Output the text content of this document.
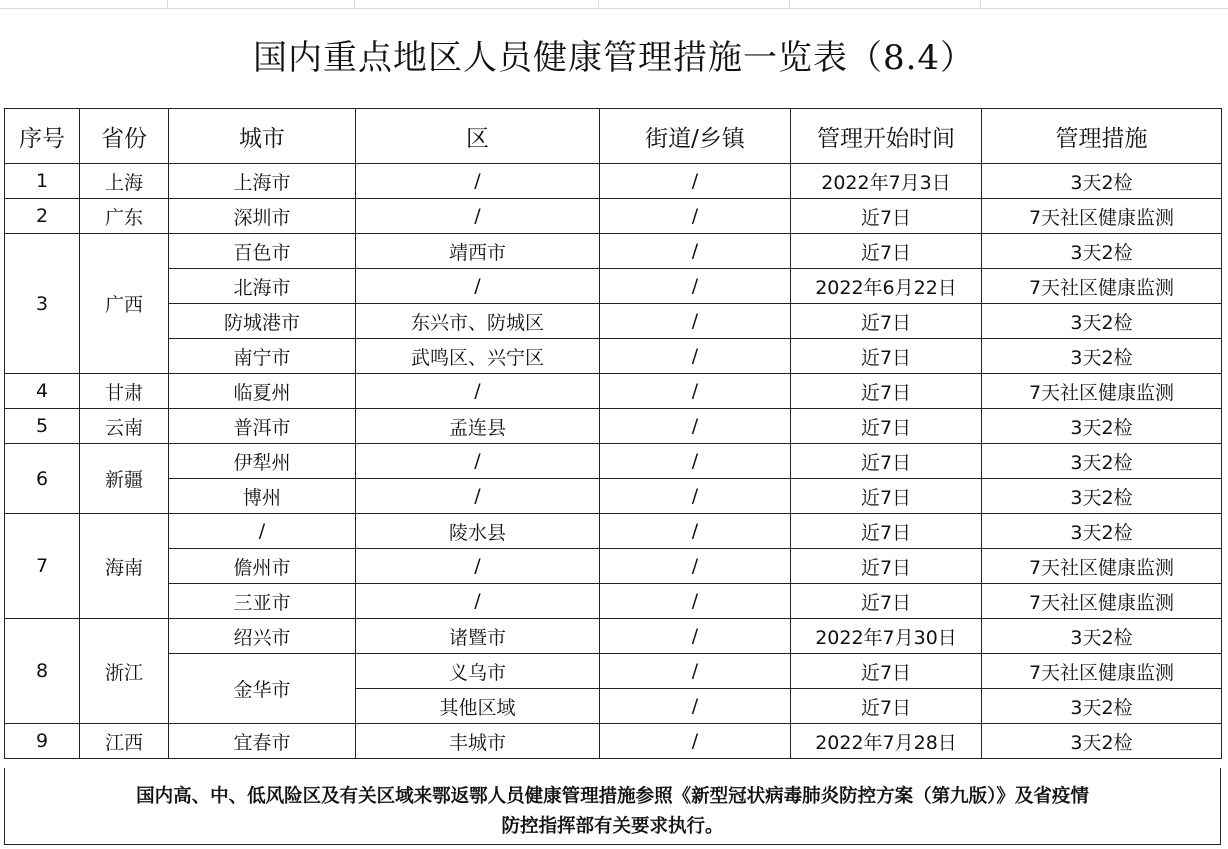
国内重点地区人员健康管理措施一览表（8.4）
序号	省份	城市	区	街道/乡镇	管理开始时间	管理措施
1	上海	上海市	/	/	2022年7月3日	3天2检
2	广东	深圳市	/	/	近7日	7天社区健康监测
3	广西	百色市	靖西市	/	近7日	3天2检
		北海市	/	/	2022年6月22日	7天社区健康监测
		防城港市	东兴市、防城区	/	近7日	3天2检
		南宁市	武鸣区、兴宁区	/	近7日	3天2检
4	甘肃	临夏州	/	/	近7日	7天社区健康监测
5	云南	普洱市	孟连县	/	近7日	3天2检
6	新疆	伊犁州	/	/	近7日	3天2检
		博州	/	/	近7日	3天2检
7	海南	/	陵水县	/	近7日	3天2检
		儋州市	/	/	近7日	7天社区健康监测
		三亚市	/	/	近7日	7天社区健康监测
8	浙江	绍兴市	诸暨市	/	2022年7月30日	3天2检
		金华市	义乌市	/	近7日	7天社区健康监测
			其他区域	/	近7日	3天2检
9	江西	宜春市	丰城市	/	2022年7月28日	3天2检
国内高、中、低风险区及有关区域来鄂返鄂人员健康管理措施参照《新型冠状病毒肺炎防控方案（第九版）》及省疫情
防控指挥部有关要求执行。
